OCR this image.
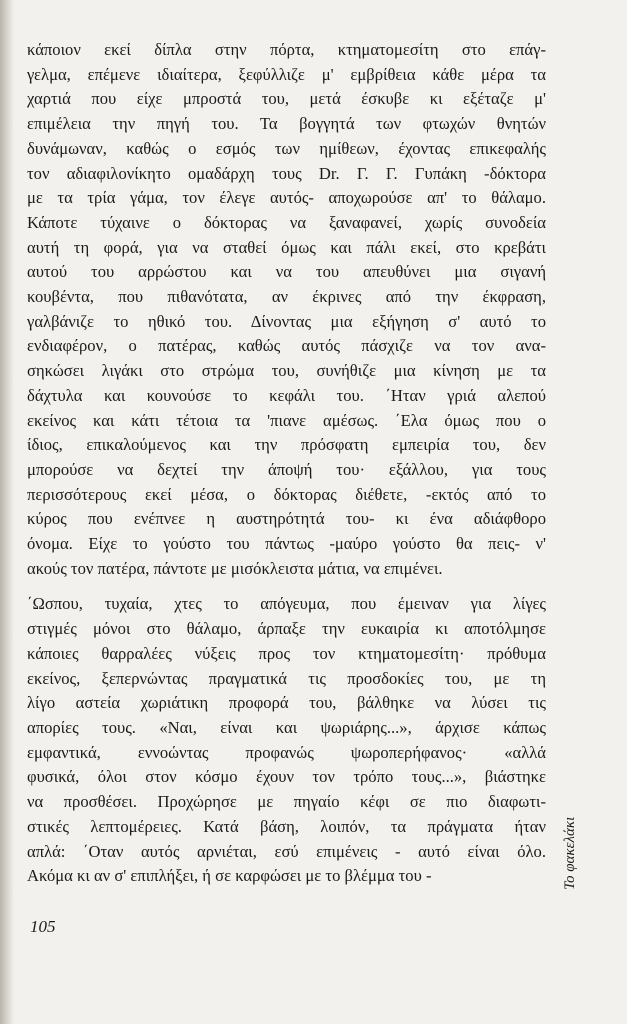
κάποιον εκεί δίπλα στην πόρτα, κτηματομεσίτη στο επάγ-
γελμα, επέμενε ιδιαίτερα, ξεφύλλιζε μ' εμβρίθεια κάθε μέρα τα
χαρτιά που είχε μπροστά του, μετά έσκυβε κι εξέταζε μ'
επιμέλεια την πηγή του. Τα βογγητά των φτωχών θνητών
δυνάμωναν, καθώς ο εσμός των ημίθεων, έχοντας επικεφαλής
τον αδιαφιλονίκητο ομαδάρχη τους Dr. Γ. Γ. Γυπάκη -δόκτορα
με τα τρία γάμα, τον έλεγε αυτός- αποχωρούσε απ' το θάλαμο.
Κάποτε τύχαινε ο δόκτορας να ξαναφανεί, χωρίς συνοδεία
αυτή τη φορά, για να σταθεί όμως και πάλι εκεί, στο κρεβάτι
αυτού του αρρώστου και να του απευθύνει μια σιγανή
κουβέντα, που πιθανότατα, αν έκρινες από την έκφραση,
γαλβάνιζε το ηθικό του. Δίνοντας μια εξήγηση σ' αυτό το
ενδιαφέρον, ο πατέρας, καθώς αυτός πάσχιζε να τον ανα-
σηκώσει λιγάκι στο στρώμα του, συνήθιζε μια κίνηση με τα
δάχτυλα και κουνούσε το κεφάλι του. ΄Ηταν γριά αλεπού
εκείνος και κάτι τέτοια τα 'πιανε αμέσως. ΄Ελα όμως που ο
ίδιος, επικαλούμενος και την πρόσφατη εμπειρία του, δεν
μπορούσε να δεχτεί την άποψή του· εξάλλου, για τους
περισσότερους εκεί μέσα, ο δόκτορας διέθετε, -εκτός από το
κύρος που ενέπνεε η αυστηρότητά του- κι ένα αδιάφθορο
όνομα. Είχε το γούστο του πάντως -μαύρο γούστο θα πεις- ν'
ακούς τον πατέρα, πάντοτε με μισόκλειστα μάτια, να επιμένει.
΄Ωσπου, τυχαία, χτες το απόγευμα, που έμειναν για λίγες
στιγμές μόνοι στο θάλαμο, άρπαξε την ευκαιρία κι αποτόλμησε
κάποιες θαρραλέες νύξεις προς τον κτηματομεσίτη· πρόθυμα
εκείνος, ξεπερνώντας πραγματικά τις προσδοκίες του, με τη
λίγο αστεία χωριάτικη προφορά του, βάλθηκε να λύσει τις
απορίες τους. «Ναι, είναι και ψωριάρης...», άρχισε κάπως
εμφαντικά, εννοώντας προφανώς ψωροπερήφανος· «αλλά
φυσικά, όλοι στον κόσμο έχουν τον τρόπο τους...», βιάστηκε
να προσθέσει. Προχώρησε με πηγαίο κέφι σε πιο διαφωτι-
στικές λεπτομέρειες. Κατά βάση, λοιπόν, τα πράγματα ήταν
απλά: ΄Οταν αυτός αρνιέται, εσύ επιμένεις - αυτό είναι όλο.
Ακόμα κι αν σ' επιπλήξει, ή σε καρφώσει με το βλέμμα του -
105
Το φακελάκι
